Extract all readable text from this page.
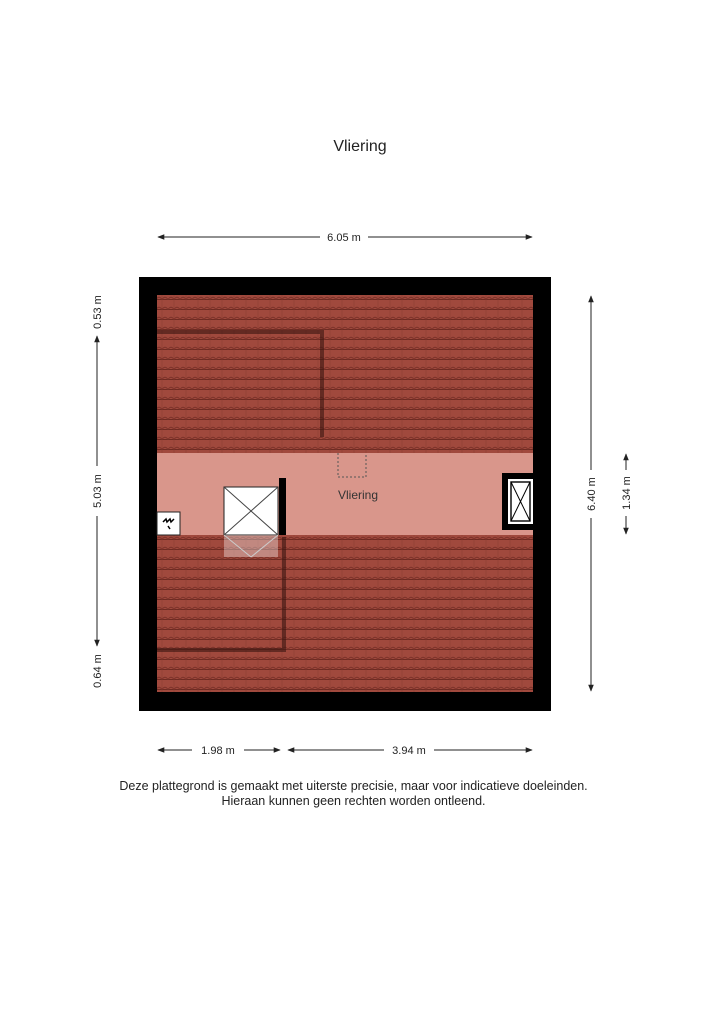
Vliering
Vliering
6.05 m
0.53 m
5.03 m
0.64 m
6.40 m 1.34 m
1.98 m	3.94 m
Deze plattegrond is gemaakt met uiterste precisie, maar voor indicatieve doeleinden.
Hieraan kunnen geen rechten worden ontleend.
